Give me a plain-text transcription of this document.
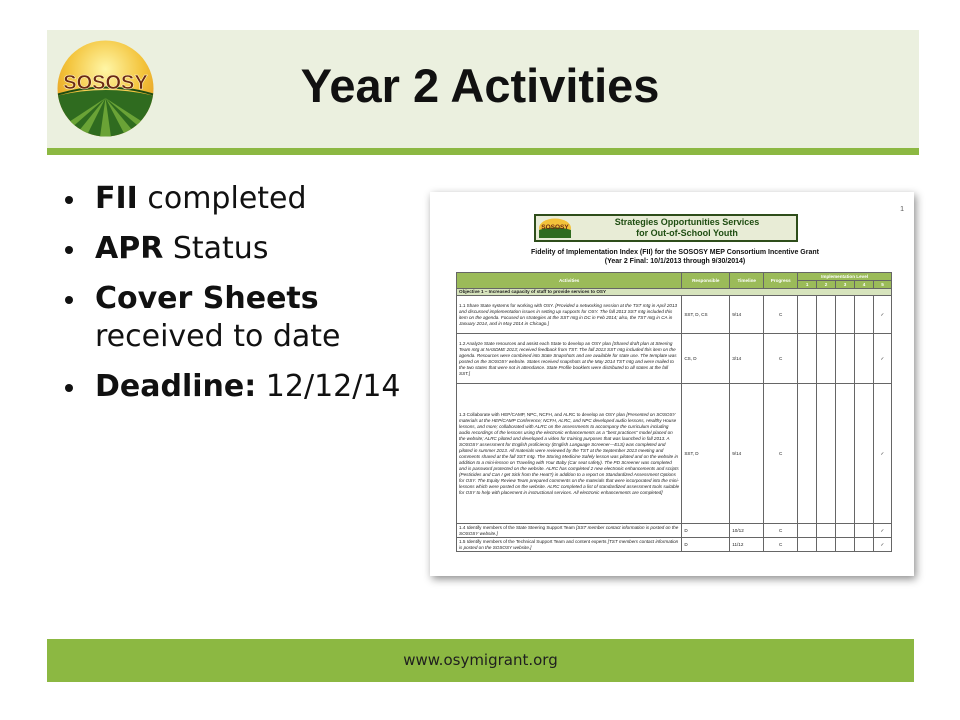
SOSOSY	Year 2 Activities
FII completed
APR Status
Cover Sheets received to date
Deadline: 12/12/14
1
SOSOSY
Strategies Opportunities Services
for Out-of-School Youth
Fidelity of Implementation Index (FII) for the SOSOSY MEP Consortium Incentive Grant
(Year 2 Final: 10/1/2013 through 9/30/2014)
Activities	Responsible	Timeline	Progress	Implementation Level				
				1	2	3	4	5
Objective 1 – Increased capacity of staff to provide services to OSY								
1.1 Share State systems for working with OSY. [Provided a networking session at the TST mtg in April 2013 and discussed implementation issues in setting up supports for OSY. The fall 2013 SST mtg included this item on the agenda. Focused on strategies at the SST mtg in DC in Feb 2014; also, the TST mtg in CA in January 2014, and in May 2014 in Chicago.]	SST, D, CS	9/14	C					✓
1.2 Analyze State resources and assist each State to develop an OSY plan [Shared draft plan at Steering Team mtg at NASDME 2013; received feedback from TST. The fall 2013 SST mtg included this item on the agenda. Resources were combined into State Snapshots and are available for state use. The template was posted on the SOSOSY website. States received snapshots at the May 2014 TST mtg and were mailed to the two states that were not in attendance. State Profile booklets were distributed to all states at the fall SST.]	CS, D	3/14	C					✓
1.3 Collaborate with HEP/CAMP, NPC, NCFH, and ALRC to develop an OSY plan [Presented on SOSOSY materials at the HEP/CAMP Conference; NCFH, ALRC, and NPC developed audio lessons, Healthy House lessons, and more; collaborated with ALRC on the assessments to accompany the curriculum including audio recordings of the lessons using the electronic enhancements as a "best practices" model placed on the website; ALRC piloted and developed a video for training purposes that was launched in fall 2013. A SOSOSY assessment for English proficiency (English Language Screener—ELS) was completed and piloted in summer 2013. All materials were reviewed by the TST at the September 2013 meeting and comments shared at the fall SST mtg. The Storing Medicine Safely lesson was piloted and on the website in addition to a mini-lesson on Traveling with Your Baby (Car seat safety). The PD Screener was completed and is password protected on the website. ALRC has completed 2 new electronic enhancements and scripts (Pesticides and Can I get Sick from the Heat?) in addition to a report on Standardized Assessment Options for OSY. The Equity Review Team prepared comments on the materials that were incorporated into the mini-lessons which were posted on the website. ALRC completed a list of standardized assessment tools suitable for OSY to help with placement in instructional services. All electronic enhancements are completed]	SST, D	9/14	C					✓
1.4 Identify members of the State Steering Support Team [SST member contact information is posted on the SOSOSY website.]	D	10/12	C					✓
1.5 Identify members of the Technical Support Team and content experts [TST members contact information is posted on the SOSOSY website.]	D	11/12	C					✓
www.osymigrant.org
